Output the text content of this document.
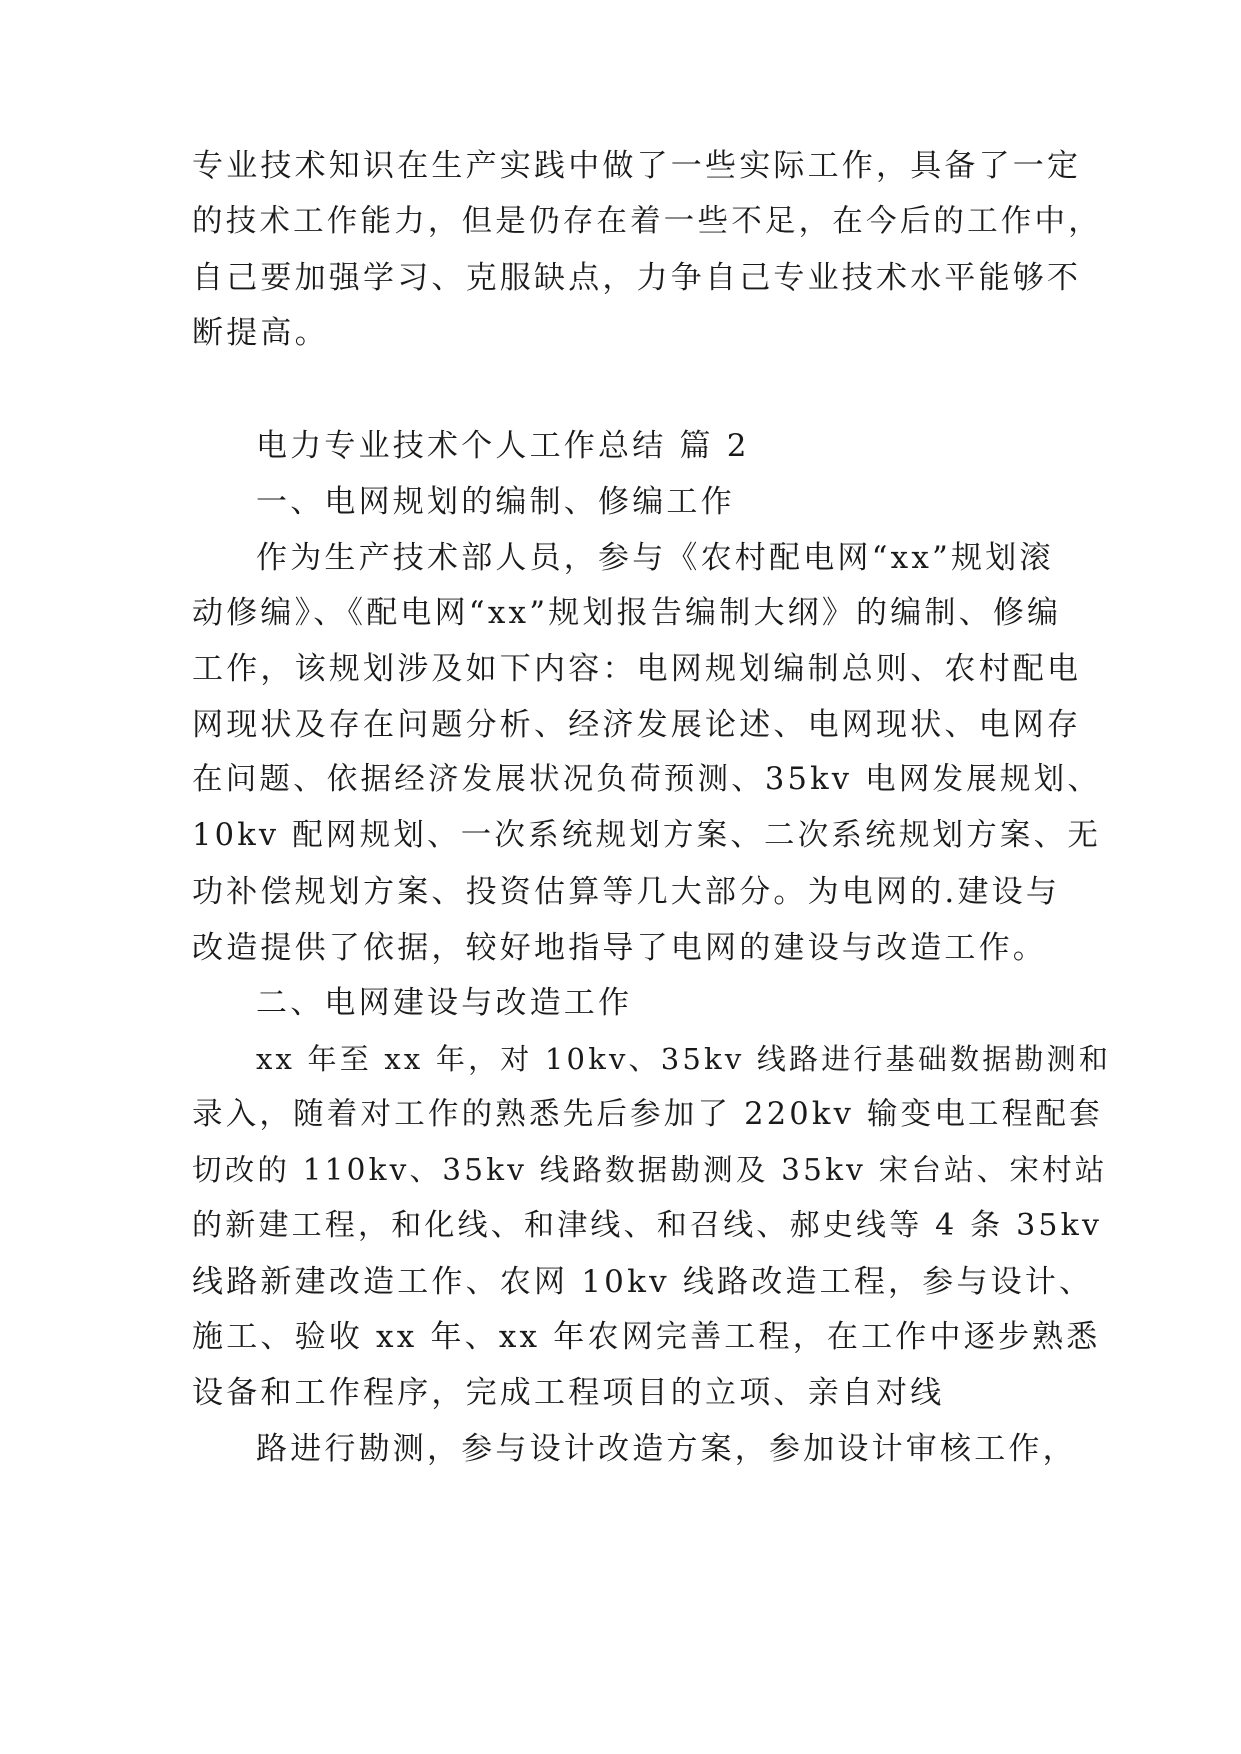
专业技术知识在生产实践中做了一些实际工作，具备了一定

的技术工作能力，但是仍存在着一些不足，在今后的工作中，

自己要加强学习、克服缺点，力争自己专业技术水平能够不

断提高。

电力专业技术个人工作总结 篇 2

一、电网规划的编制、修编工作

作为生产技术部人员，参与《农村配电网“xx”规划滚

动修编》、《配电网“xx”规划报告编制大纲》的编制、修编

工作，该规划涉及如下内容：电网规划编制总则、农村配电

网现状及存在问题分析、经济发展论述、电网现状、电网存

在问题、依据经济发展状况负荷预测、35kv 电网发展规划、

10kv 配网规划、一次系统规划方案、二次系统规划方案、无

功补偿规划方案、投资估算等几大部分。为电网的.建设与

改造提供了依据，较好地指导了电网的建设与改造工作。

二、电网建设与改造工作

xx 年至 xx 年，对 10kv、35kv 线路进行基础数据勘测和

录入，随着对工作的熟悉先后参加了 220kv 输变电工程配套

切改的 110kv、35kv 线路数据勘测及 35kv 宋台站、宋村站

的新建工程，和化线、和津线、和召线、郝史线等 4 条 35kv

线路新建改造工作、农网 10kv 线路改造工程，参与设计、

施工、验收 xx 年、xx 年农网完善工程，在工作中逐步熟悉

设备和工作程序，完成工程项目的立项、亲自对线

路进行勘测，参与设计改造方案，参加设计审核工作，
